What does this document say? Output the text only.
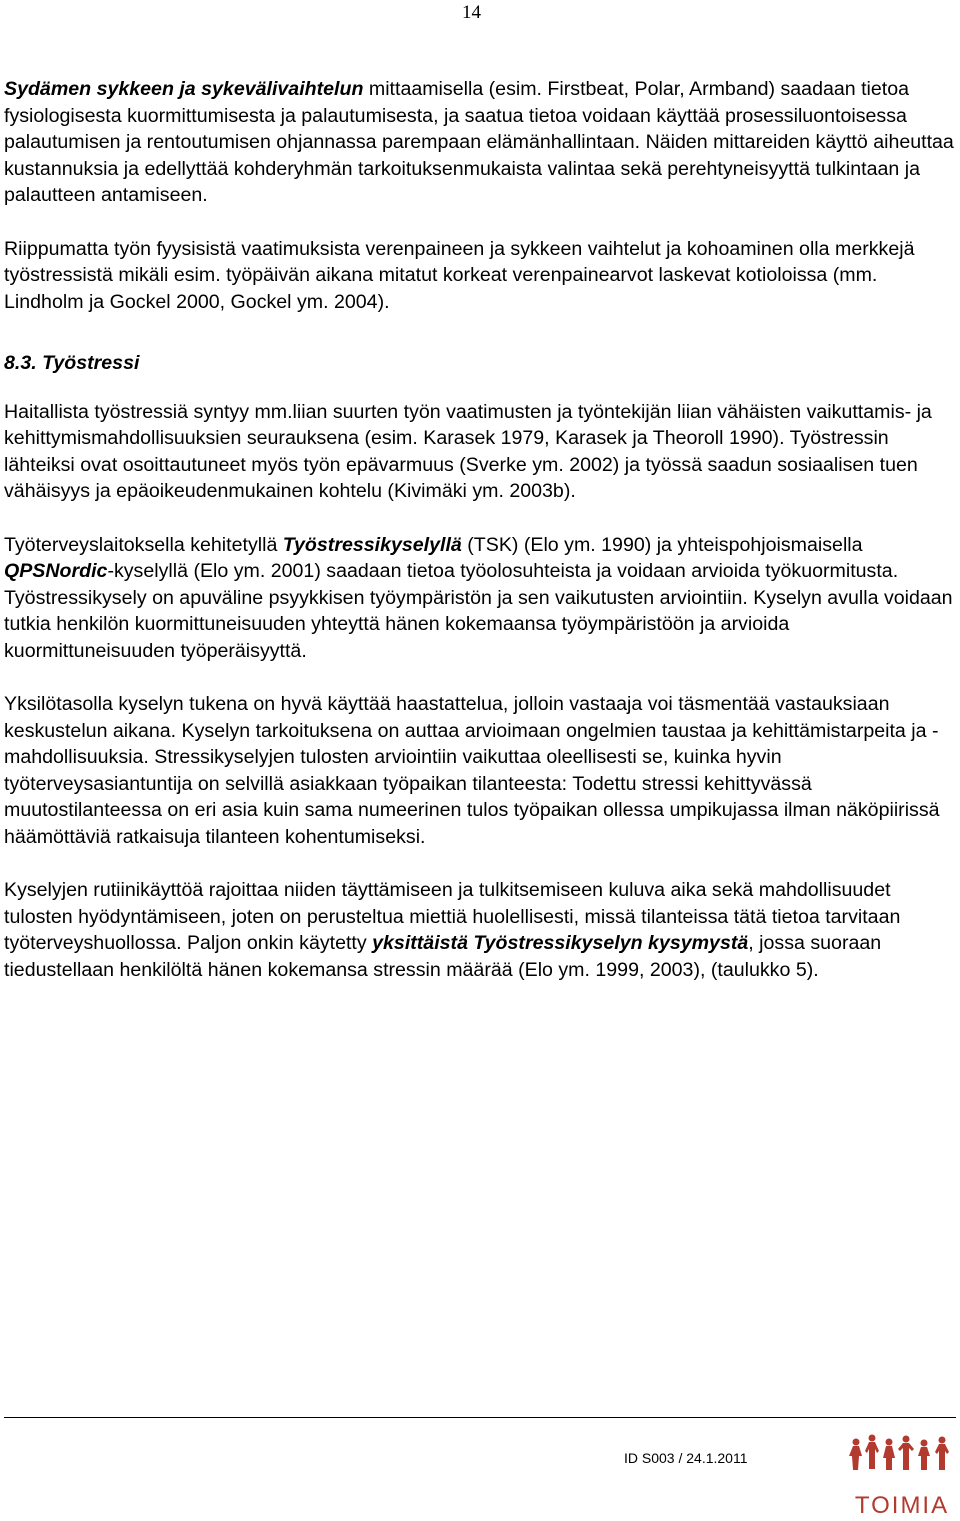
14

Sydämen sykkeen ja sykevälivaihtelun mittaamisella (esim. Firstbeat, Polar, Armband) saadaan tietoa fysiologisesta kuormittumisesta ja palautumisesta, ja saatua tietoa voidaan käyttää prosessiluontoisessa palautumisen ja rentoutumisen ohjannassa parempaan elämänhallintaan. Näiden mittareiden käyttö aiheuttaa kustannuksia ja edellyttää kohderyhmän tarkoituksenmukaista valintaa sekä perehtyneisyyttä tulkintaan ja palautteen antamiseen.

Riippumatta työn fyysisistä vaatimuksista verenpaineen ja sykkeen vaihtelut ja kohoaminen olla merkkejä työstressistä mikäli esim. työpäivän aikana mitatut korkeat verenpainearvot laskevat kotioloissa (mm. Lindholm ja Gockel 2000, Gockel ym. 2004).

8.3. Työstressi

Haitallista työstressiä syntyy mm.liian suurten työn vaatimusten ja työntekijän liian vähäisten vaikuttamis- ja kehittymismahdollisuuksien seurauksena (esim. Karasek 1979, Karasek ja Theoroll 1990). Työstressin lähteiksi ovat osoittautuneet myös työn epävarmuus (Sverke ym. 2002) ja työssä saadun sosiaalisen tuen vähäisyys ja epäoikeudenmukainen kohtelu (Kivimäki ym. 2003b).

Työterveyslaitoksella kehitetyllä Työstressikyselyllä (TSK) (Elo ym. 1990) ja yhteispohjoismaisella QPSNordic-kyselyllä (Elo ym. 2001) saadaan tietoa työolosuhteista ja voidaan arvioida työkuormitusta. Työstressikysely on apuväline psyykkisen työympäristön ja sen vaikutusten arviointiin. Kyselyn avulla voidaan tutkia henkilön kuormittuneisuuden yhteyttä hänen kokemaansa työympäristöön ja arvioida kuormittuneisuuden työperäisyyttä.

Yksilötasolla kyselyn tukena on hyvä käyttää haastattelua, jolloin vastaaja voi täsmentää vastauksiaan keskustelun aikana. Kyselyn tarkoituksena on auttaa arvioimaan ongelmien taustaa ja kehittämistarpeita ja -mahdollisuuksia. Stressikyselyjen tulosten arviointiin vaikuttaa oleellisesti se, kuinka hyvin työterveysasiantuntija on selvillä asiakkaan työpaikan tilanteesta: Todettu stressi kehittyvässä muutostilanteessa on eri asia kuin sama numeerinen tulos työpaikan ollessa umpikujassa ilman näköpiirissä häämöttäviä ratkaisuja tilanteen kohentumiseksi.

Kyselyjen rutiinikäyttöä rajoittaa niiden täyttämiseen ja tulkitsemiseen kuluva aika sekä mahdollisuudet tulosten hyödyntämiseen, joten on perusteltua miettiä huolellisesti, missä tilanteissa tätä tietoa tarvitaan työterveyshuollossa. Paljon onkin käytetty yksittäistä Työstressikyselyn kysymystä, jossa suoraan tiedustellaan henkilöltä hänen kokemansa stressin määrää (Elo ym. 1999, 2003), (taulukko 5).

ID S003 / 24.1.2011
TOIMIA
